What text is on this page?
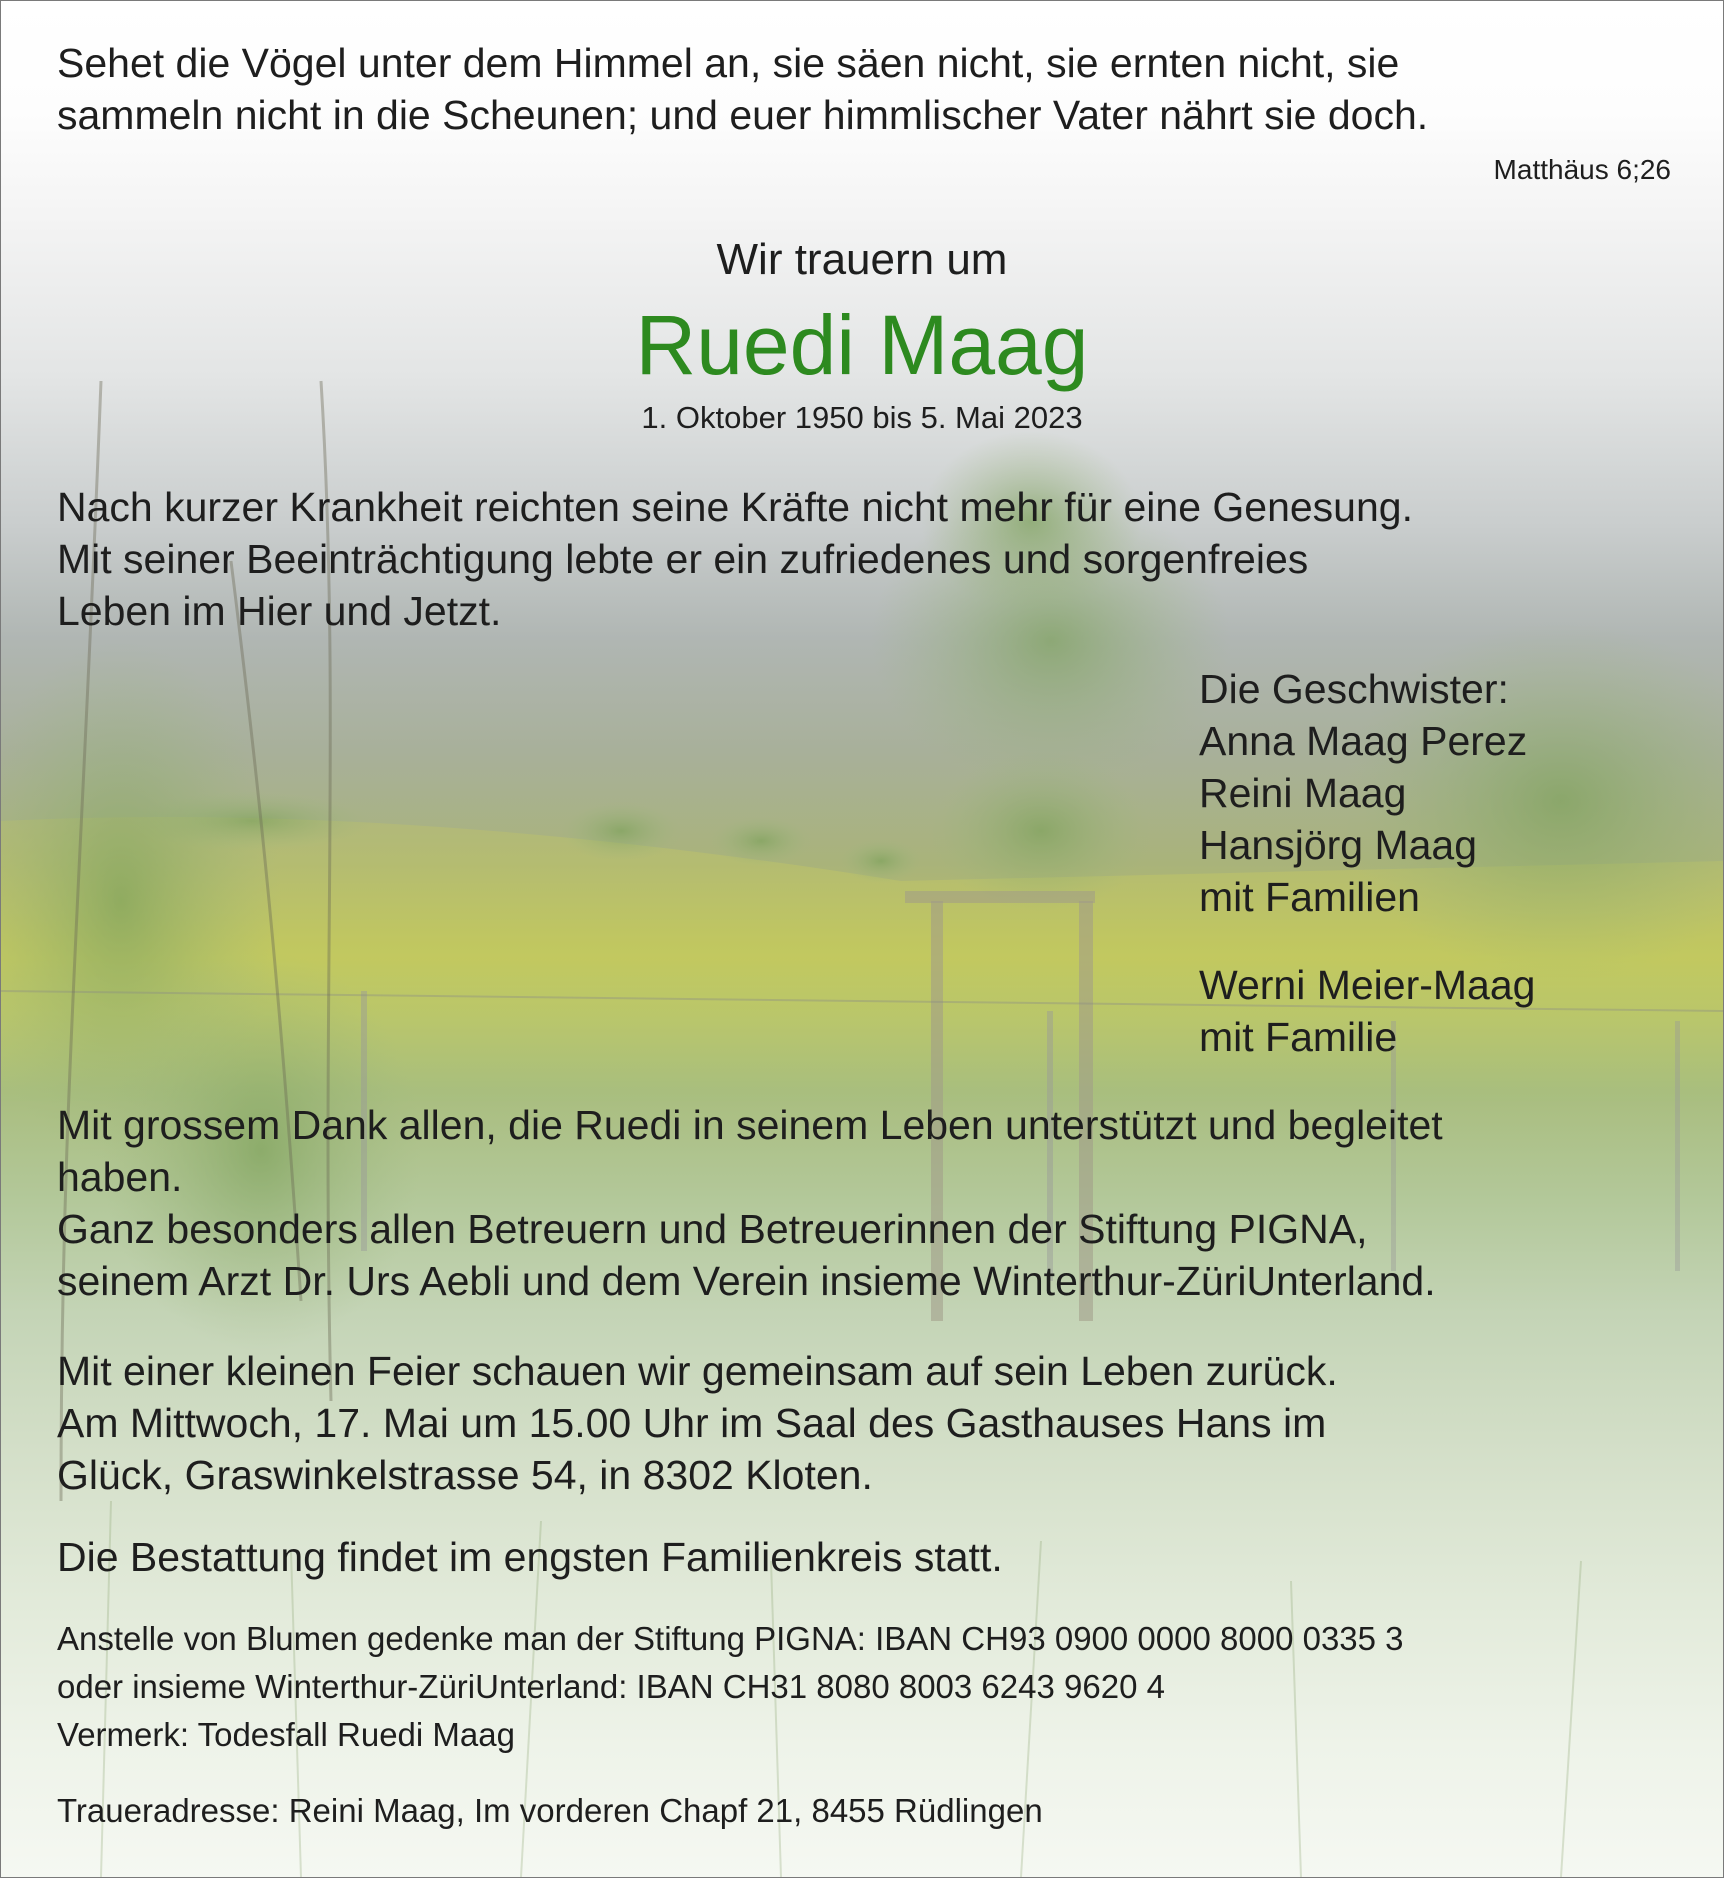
Sehet die Vögel unter dem Himmel an, sie säen nicht, sie ernten nicht, sie
sammeln nicht in die Scheunen; und euer himmlischer Vater nährt sie doch.

Matthäus 6;26

Wir trauern um

Ruedi Maag

1. Oktober 1950 bis 5. Mai 2023

Nach kurzer Krankheit reichten seine Kräfte nicht mehr für eine Genesung.
Mit seiner Beeinträchtigung lebte er ein zufriedenes und sorgenfreies
Leben im Hier und Jetzt.

Die Geschwister:
Anna Maag Perez
Reini Maag
Hansjörg Maag
mit Familien

Werni Meier-Maag
mit Familie

Mit grossem Dank allen, die Ruedi in seinem Leben unterstützt und begleitet
haben.
Ganz besonders allen Betreuern und Betreuerinnen der Stiftung PIGNA,
seinem Arzt Dr. Urs Aebli und dem Verein insieme Winterthur-ZüriUnterland.

Mit einer kleinen Feier schauen wir gemeinsam auf sein Leben zurück.
Am Mittwoch, 17. Mai um 15.00 Uhr im Saal des Gasthauses Hans im
Glück, Graswinkelstrasse 54, in 8302 Kloten.

Die Bestattung findet im engsten Familienkreis statt.

Anstelle von Blumen gedenke man der Stiftung PIGNA: IBAN CH93 0900 0000 8000 0335 3
oder insieme Winterthur-ZüriUnterland: IBAN CH31 8080 8003 6243 9620 4
Vermerk: Todesfall Ruedi Maag

Traueradresse: Reini Maag, Im vorderen Chapf 21, 8455 Rüdlingen
